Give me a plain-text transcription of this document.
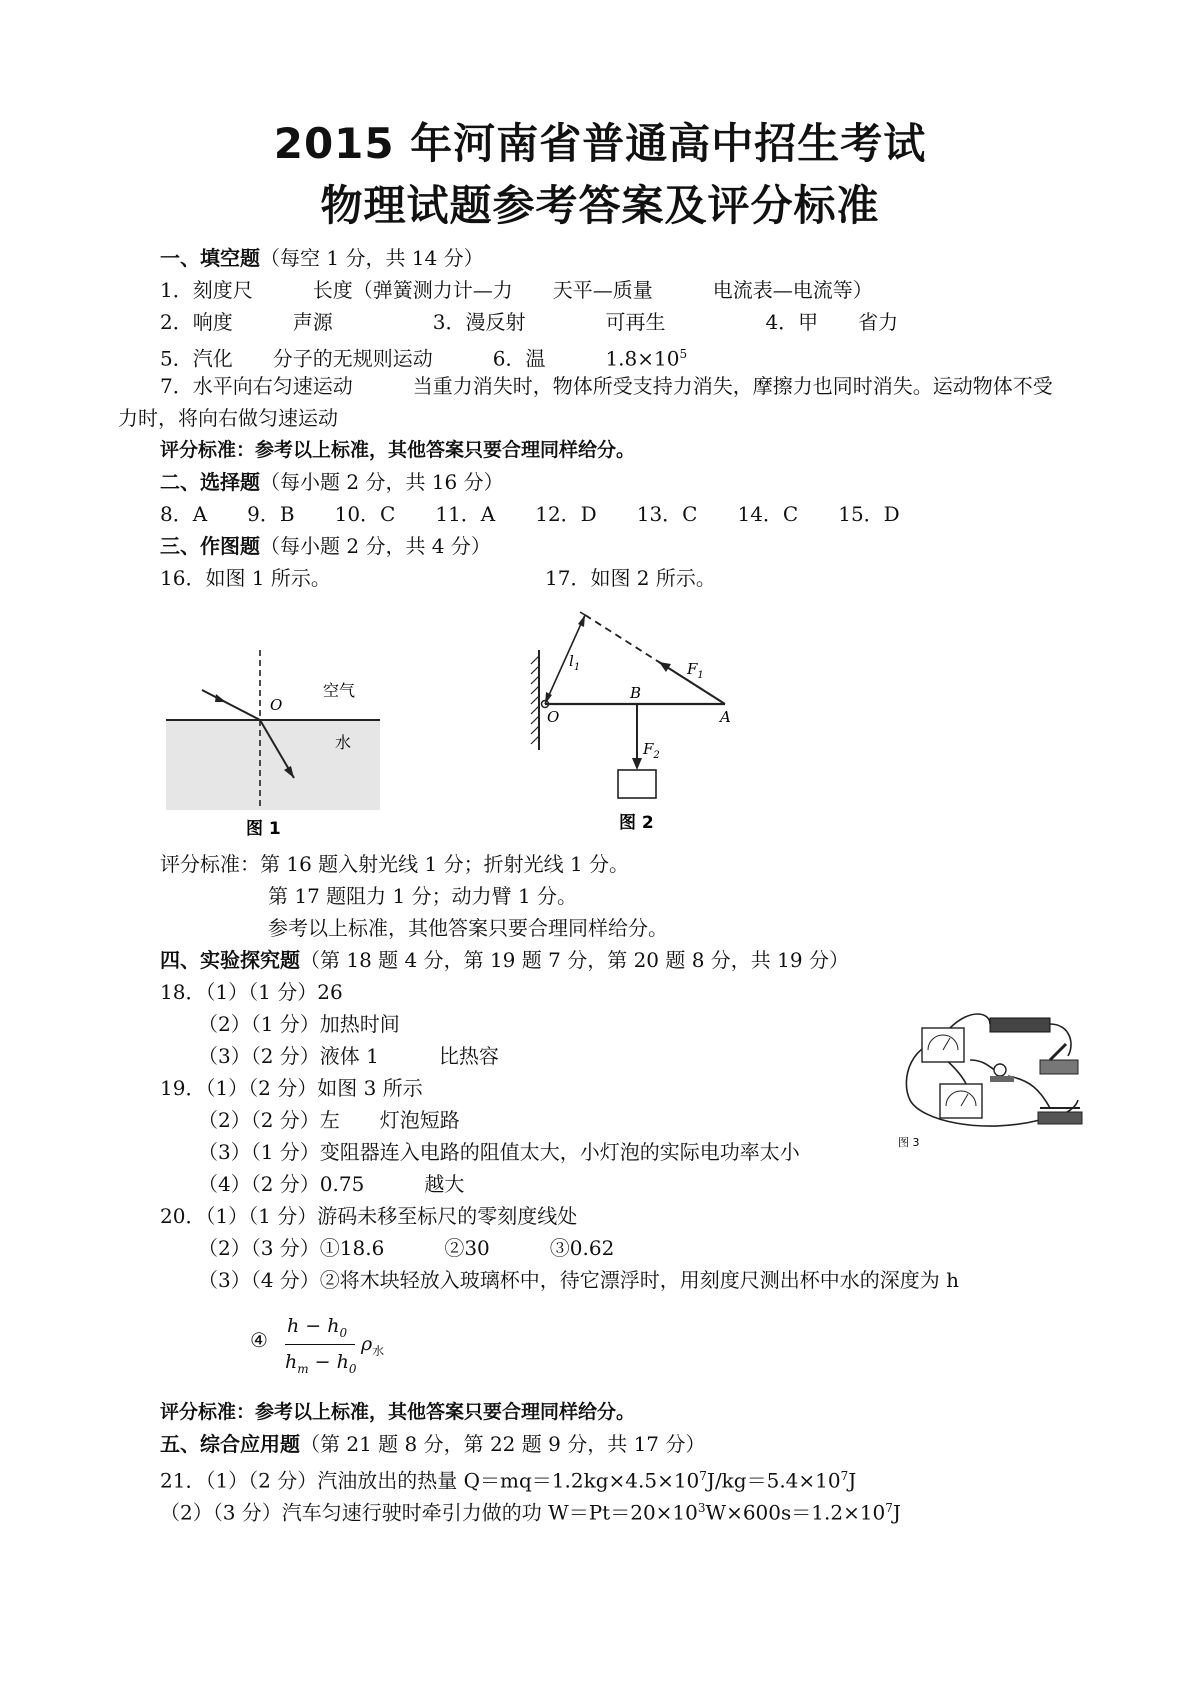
2015 年河南省普通高中招生考试
物理试题参考答案及评分标准
一、填空题（每空 1 分，共 14 分）
1．刻度尺　　　长度（弹簧测力计—力　　天平—质量　　　电流表—电流等）
2．响度　　　声源　　　　　3．漫反射　　　　可再生　　　　　4．甲　　省力
5．汽化　　分子的无规则运动　　　6．温　　　$1.8\times 10^5$
7．水平向右匀速运动　　　当重力消失时，物体所受支持力消失，摩擦力也同时消失。运动物体不受
力时，将向右做匀速运动
评分标准：参考以上标准，其他答案只要合理同样给分。
二、选择题（每小题 2 分，共 16 分）
8．A　　9．B　　10．C　　11．A　　12．D　　13．C　　14．C　　15．D
三、作图题（每小题 2 分，共 4 分）
16．如图 1 所示。	17．如图 2 所示。
O
空气
水
图 1
$l_1$	$F_1$
B
O	A
$F_2$
图 2
评分标准：第 16 题入射光线 1 分；折射光线 1 分。
第 17 题阻力 1 分；动力臂 1 分。
参考以上标准，其他答案只要合理同样给分。
四、实验探究题（第 18 题 4 分，第 19 题 7 分，第 20 题 8 分，共 19 分）
18．（1）（1 分）26
（2）（1 分）加热时间
（3）（2 分）液体 1　　　比热容
19．（1）（2 分）如图 3 所示
（2）（2 分）左　　灯泡短路
（3）（1 分）变阻器连入电路的阻值太大，小灯泡的实际电功率太小
（4）（2 分）0.75　　　越大
图 3
20．（1）（1 分）游码未移至标尺的零刻度线处
（2）（3 分）①18.6　　　②30　　　③0.62
（3）（4 分）②将木块轻放入玻璃杯中，待它漂浮时，用刻度尺测出杯中水的深度为 h
④
$h - h_0$
$h_m - h_0$
$\rho_水$
评分标准：参考以上标准，其他答案只要合理同样给分。
五、综合应用题（第 21 题 8 分，第 22 题 9 分，共 17 分）
21．（1）（2 分）汽油放出的热量 $Q=mq=1.2kg\times 4.5\times 10^7J/kg=5.4\times 10^7J$
（2）（3 分）汽车匀速行驶时牵引力做的功 $W=Pt=20\times 10^3W\times 600s=1.2\times 10^7J$
